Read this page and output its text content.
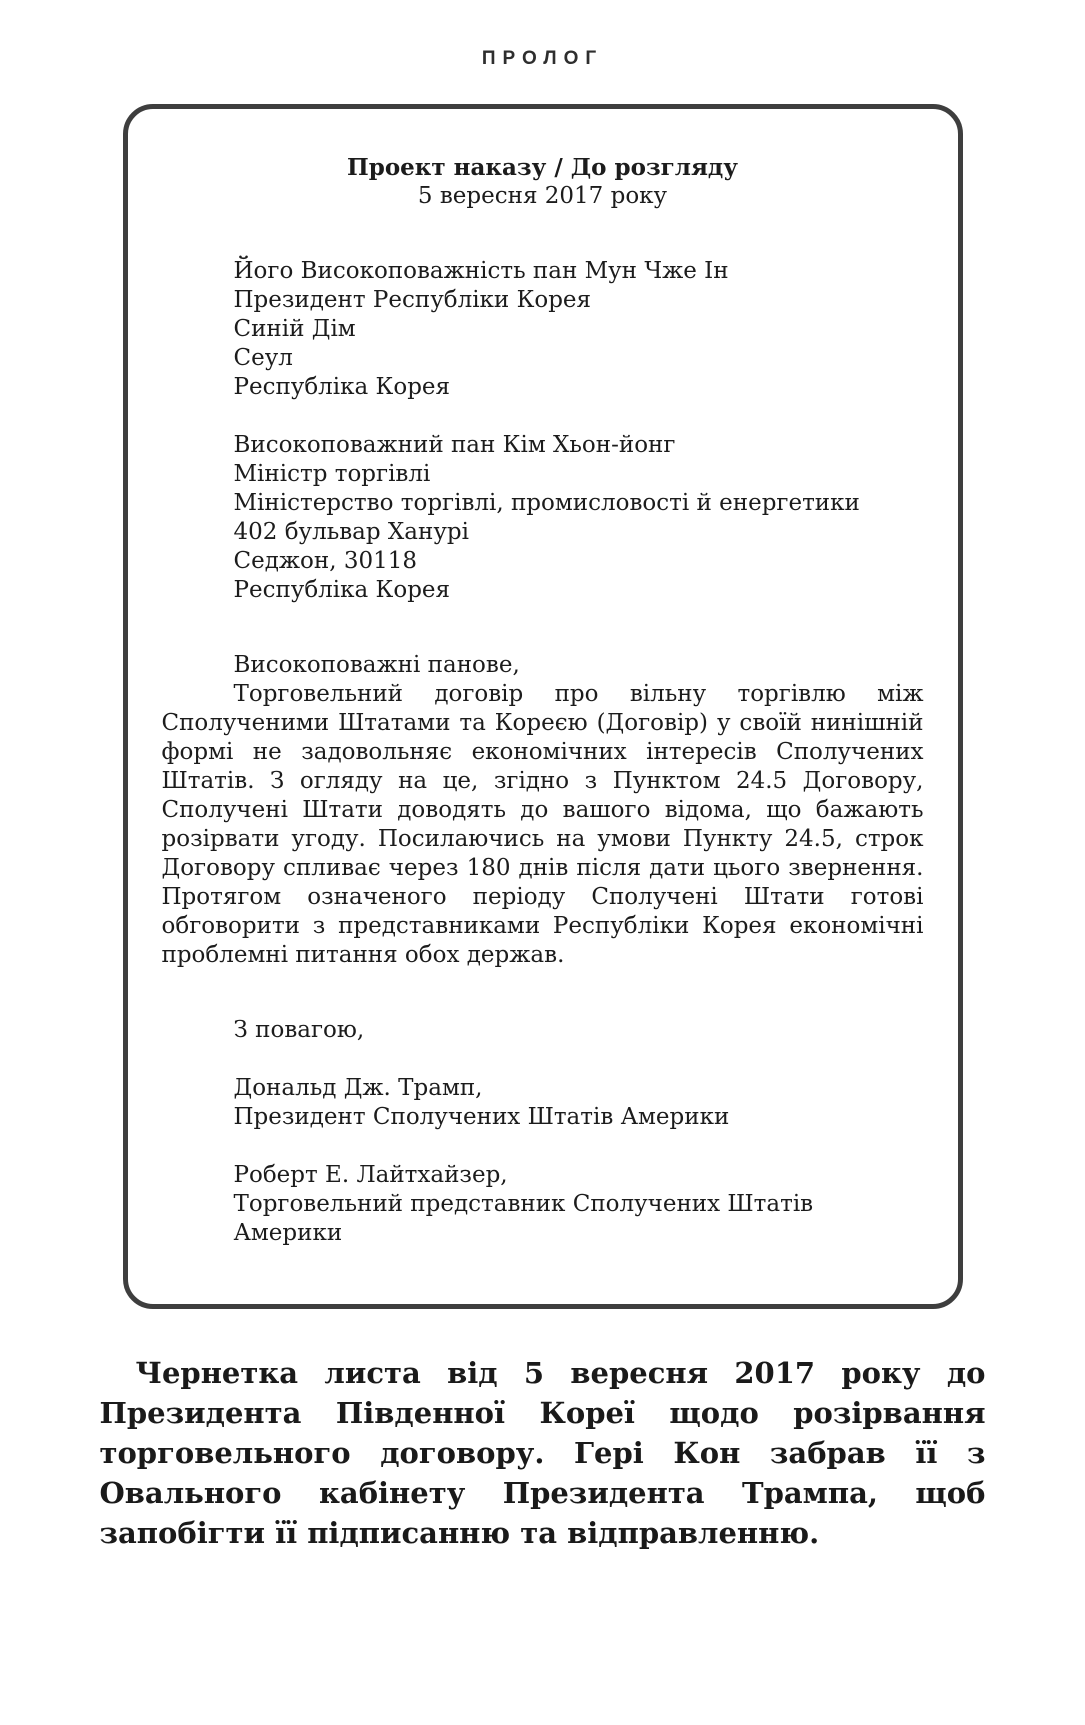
ПРОЛОГ
Проект наказу / До розгляду
5 вересня 2017 року
Його Високоповажність пан Мун Чже Ін
Президент Республіки Корея
Синій Дім
Сеул
Республіка Корея
Високоповажний пан Кім Хьон-йонг
Міністр торгівлі
Міністерство торгівлі, промисловості й енергетики
402 бульвар Ханурі
Седжон, 30118
Республіка Корея
Високоповажні панове,

Торговельний договір про вільну торгівлю між Сполученими Штатами та Кореєю (Договір) у своїй нинішній формі не задовольняє економічних інтересів Сполучених Штатів. З огляду на це, згідно з Пунктом 24.5 Договору, Сполучені Штати доводять до вашого відома, що бажають розірвати угоду. Посилаючись на умови Пункту 24.5, строк Договору спливає через 180 днів після дати цього звернення. Протягом означеного періоду Сполучені Штати готові обговорити з представниками Республіки Корея економічні проблемні питання обох держав.

З повагою,
Дональд Дж. Трамп,
Президент Сполучених Штатів Америки
Роберт Е. Лайтхайзер,
Торговельний представник Сполучених Штатів Америки

Чернетка листа від 5 вересня 2017 року до Президента Південної Кореї щодо розірвання торговельного договору. Гері Кон забрав її з Овального кабінету Президента Трампа, щоб запобігти її підписанню та відправленню.
